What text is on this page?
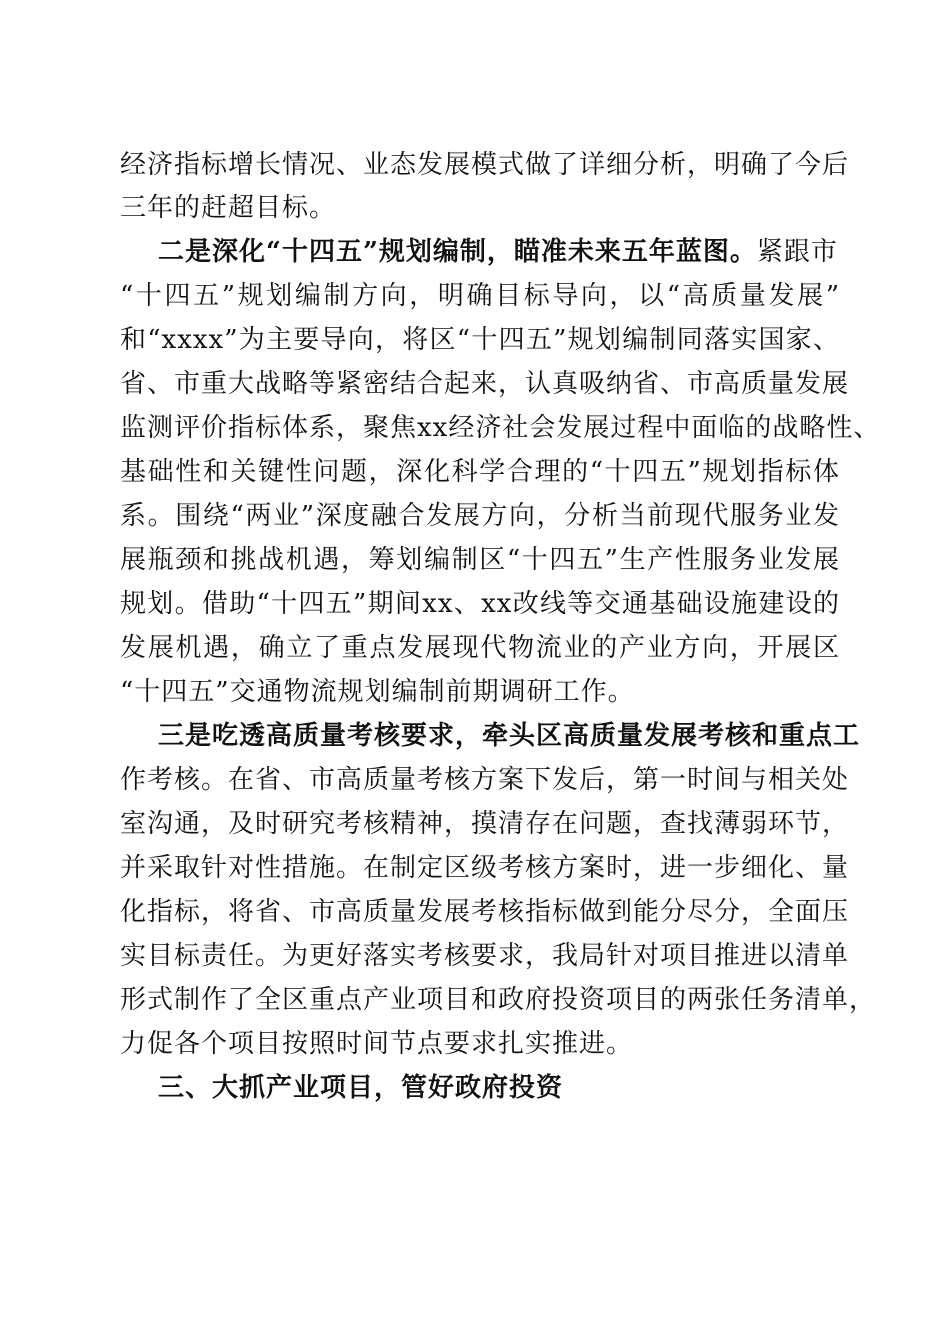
经济指标增长情况、业态发展模式做了详细分析，明确了今后
三年的赶超目标。
二是深化“十四五”规划编制，瞄准未来五年蓝图。紧跟市
“十四五”规划编制方向，明确目标导向，以“高质量发展”
和“xxxx”为主要导向，将区“十四五”规划编制同落实国家、
省、市重大战略等紧密结合起来，认真吸纳省、市高质量发展
监测评价指标体系，聚焦xx经济社会发展过程中面临的战略性、
基础性和关键性问题，深化科学合理的“十四五”规划指标体
系。围绕“两业”深度融合发展方向，分析当前现代服务业发
展瓶颈和挑战机遇，筹划编制区“十四五”生产性服务业发展
规划。借助“十四五”期间xx、xx改线等交通基础设施建设的
发展机遇，确立了重点发展现代物流业的产业方向，开展区
“十四五”交通物流规划编制前期调研工作。
三是吃透高质量考核要求，牵头区高质量发展考核和重点工
作考核。在省、市高质量考核方案下发后，第一时间与相关处
室沟通，及时研究考核精神，摸清存在问题，查找薄弱环节，
并采取针对性措施。在制定区级考核方案时，进一步细化、量
化指标，将省、市高质量发展考核指标做到能分尽分，全面压
实目标责任。为更好落实考核要求，我局针对项目推进以清单
形式制作了全区重点产业项目和政府投资项目的两张任务清单，
力促各个项目按照时间节点要求扎实推进。
三、大抓产业项目，管好政府投资
